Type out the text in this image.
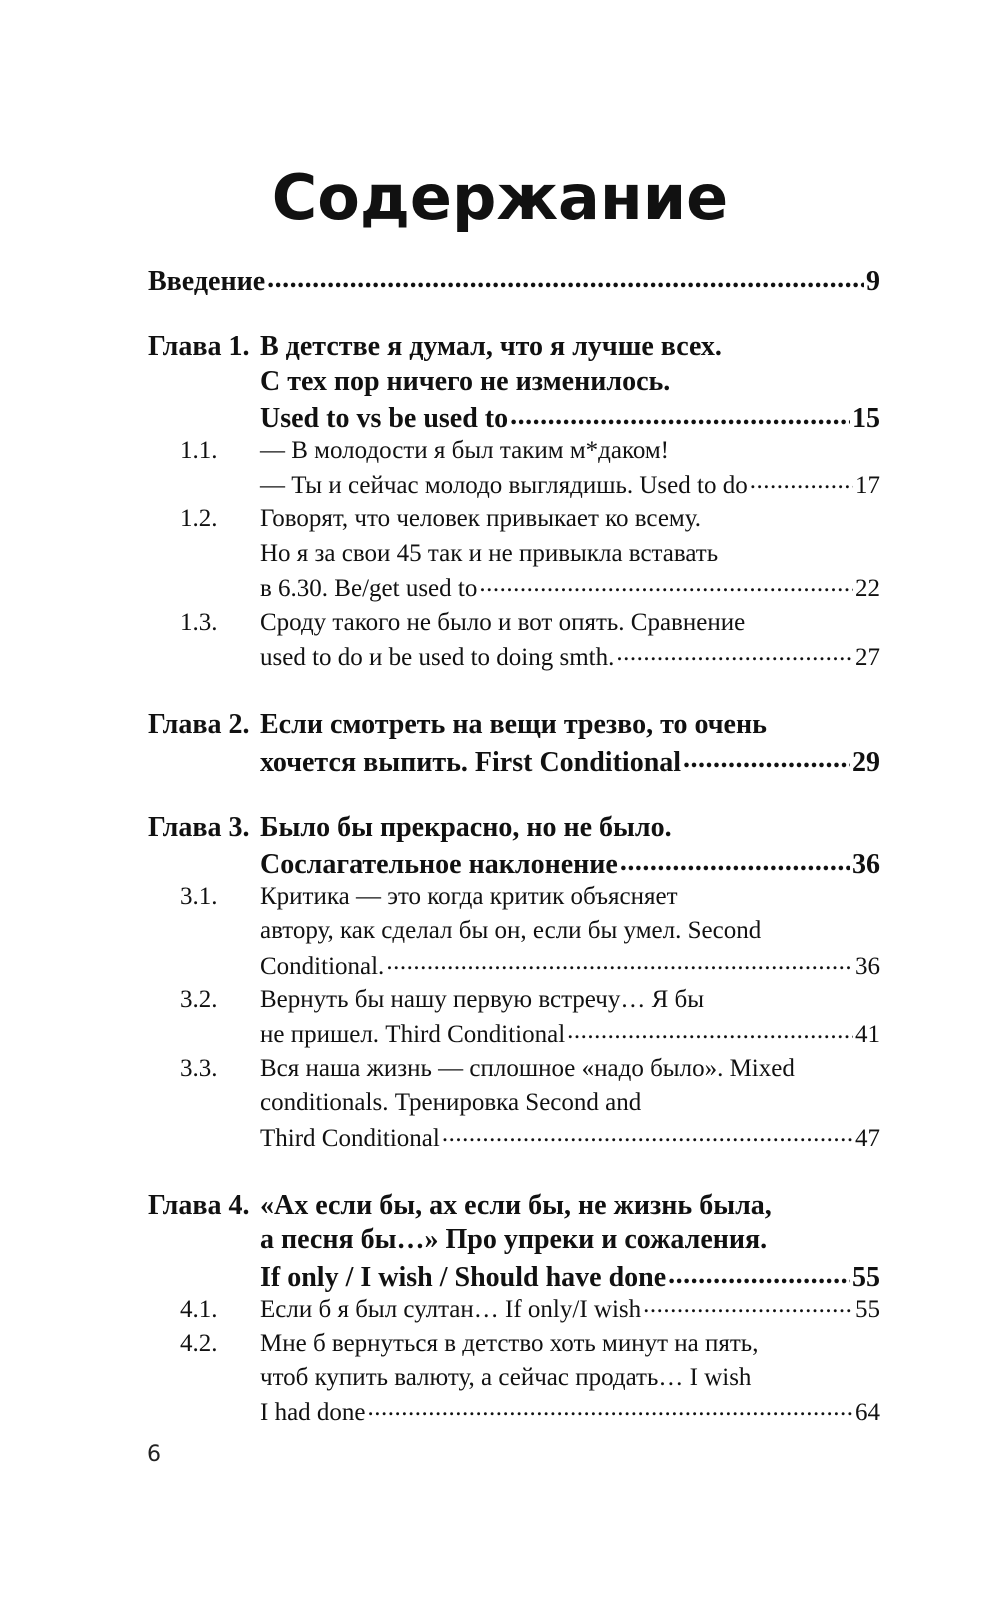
Содержание
Введение .....	9
Глава 1. В детстве я думал, что я лучше всех.
С тех пор ничего не изменилось.
Used to vs be used to .....	15
1.1.	— В молодости я был таким м*даком!
— Ты и сейчас молодо выглядишь. Used to do .....	17
1.2.	Говорят, что человек привыкает ко всему.
Но я за свои 45 так и не привыкла вставать
в 6.30. Be/get used to .....	22
1.3.	Сроду такого не было и вот опять. Сравнение
used to do и be used to doing smth. .....	27
Глава 2. Если смотреть на вещи трезво, то очень
хочется выпить. First Conditional .....	29
Глава 3. Было бы прекрасно, но не было.
Сослагательное наклонение .....	36
3.1.	Критика — это когда критик объясняет
автору, как сделал бы он, если бы умел. Second
Conditional. .....	36
3.2.	Вернуть бы нашу первую встречу… Я бы
не пришел. Third Conditional .....	41
3.3.	Вся наша жизнь — сплошное «надо было». Mixed
conditionals. Тренировка Second and
Third Conditional .....	47
Глава 4. «Ах если бы, ах если бы, не жизнь была,
а песня бы…» Про упреки и сожаления.
If only / I wish / Should have done .....	55
4.1.	Если б я был султан… If only/I wish .....	55
4.2.	Мне б вернуться в детство хоть минут на пять,
чтоб купить валюту, а сейчас продать… I wish
I had done .....	64
6
